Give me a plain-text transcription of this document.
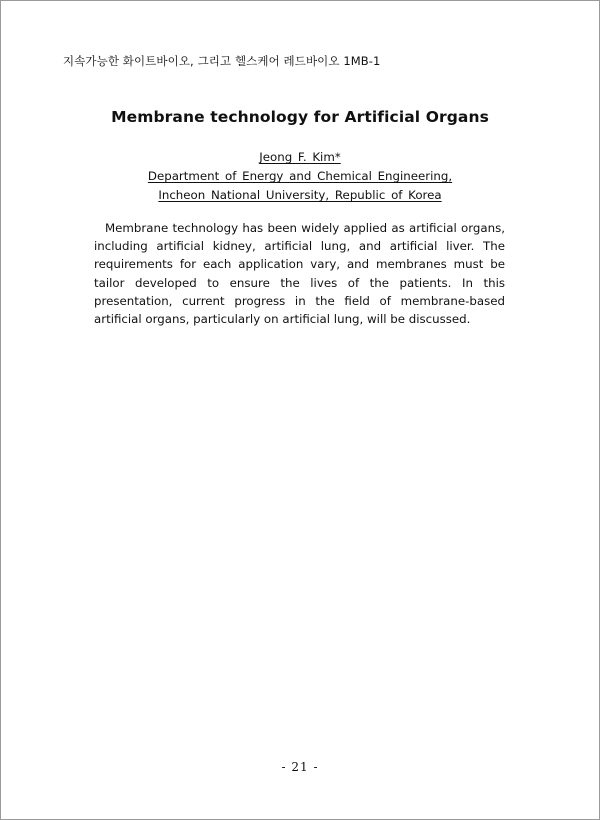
지속가능한 화이트바이오, 그리고 헬스케어 레드바이오 1MB-1
Membrane technology for Artificial Organs
Jeong F. Kim*
Department of Energy and Chemical Engineering,
Incheon National University, Republic of Korea

Membrane technology has been widely applied as artificial organs, including artificial kidney, artificial lung, and artificial liver. The requirements for each application vary, and membranes must be tailor developed to ensure the lives of the patients. In this presentation, current progress in the field of membrane-based artificial organs, particularly on artificial lung, will be discussed.

- 21 -
